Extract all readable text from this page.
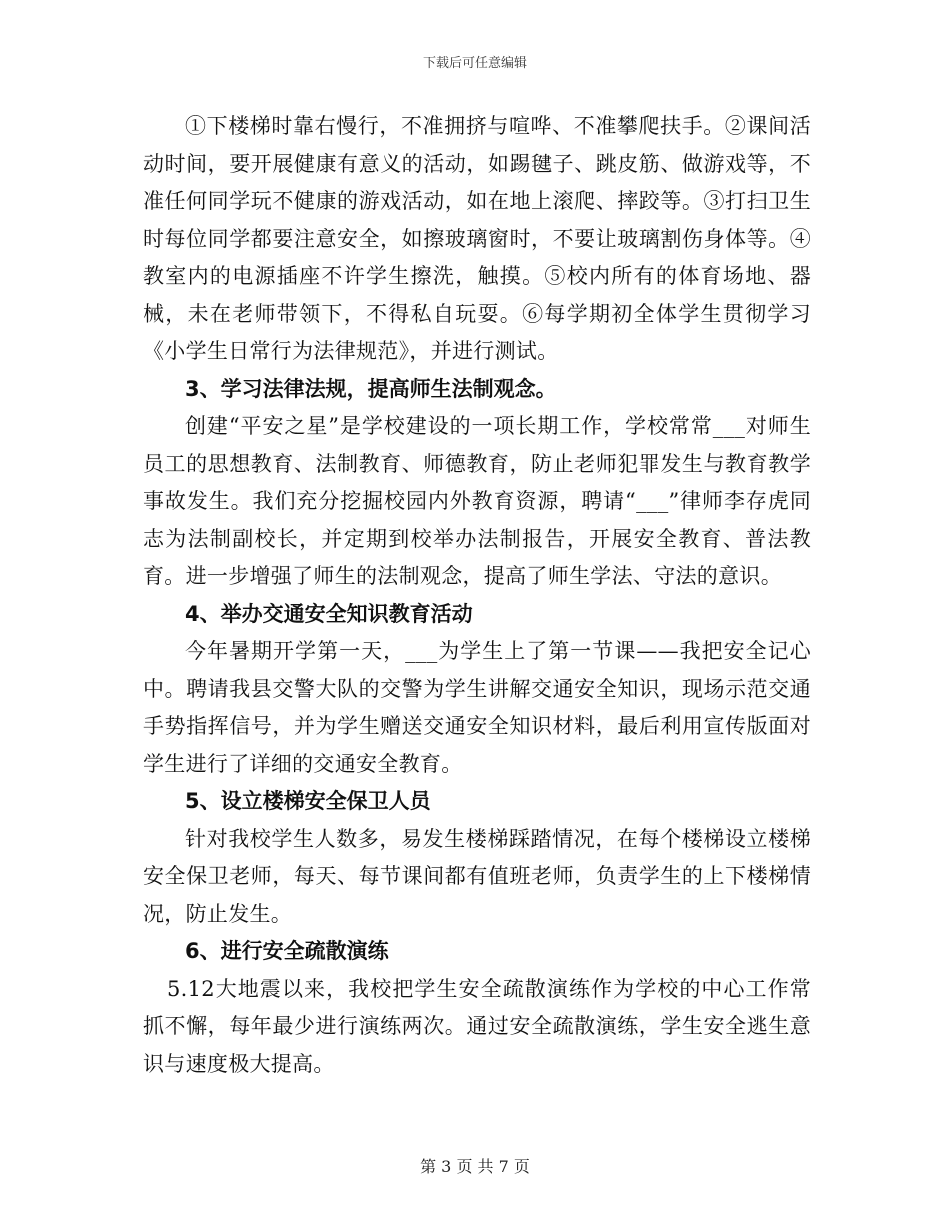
下载后可任意编辑

①下楼梯时靠右慢行，不准拥挤与喧哗、不准攀爬扶手。②课间活动时间，要开展健康有意义的活动，如踢毽子、跳皮筋、做游戏等，不准任何同学玩不健康的游戏活动，如在地上滚爬、摔跤等。③打扫卫生时每位同学都要注意安全，如擦玻璃窗时，不要让玻璃割伤身体等。④教室内的电源插座不许学生擦洗，触摸。⑤校内所有的体育场地、器械，未在老师带领下，不得私自玩耍。⑥每学期初全体学生贯彻学习《小学生日常行为法律规范》，并进行测试。

3、学习法律法规，提高师生法制观念。

创建“平安之星”是学校建设的一项长期工作，学校常常___对师生员工的思想教育、法制教育、师德教育，防止老师犯罪发生与教育教学事故发生。我们充分挖掘校园内外教育资源，聘请“___”律师李存虎同志为法制副校长，并定期到校举办法制报告，开展安全教育、普法教育。进一步增强了师生的法制观念，提高了师生学法、守法的意识。

4、举办交通安全知识教育活动

今年暑期开学第一天，___为学生上了第一节课——我把安全记心中。聘请我县交警大队的交警为学生讲解交通安全知识，现场示范交通手势指挥信号，并为学生赠送交通安全知识材料，最后利用宣传版面对学生进行了详细的交通安全教育。

5、设立楼梯安全保卫人员

针对我校学生人数多，易发生楼梯踩踏情况，在每个楼梯设立楼梯安全保卫老师，每天、每节课间都有值班老师，负责学生的上下楼梯情况，防止发生。

6、进行安全疏散演练

5.12大地震以来，我校把学生安全疏散演练作为学校的中心工作常抓不懈，每年最少进行演练两次。通过安全疏散演练，学生安全逃生意识与速度极大提高。

第 3 页 共 7 页
